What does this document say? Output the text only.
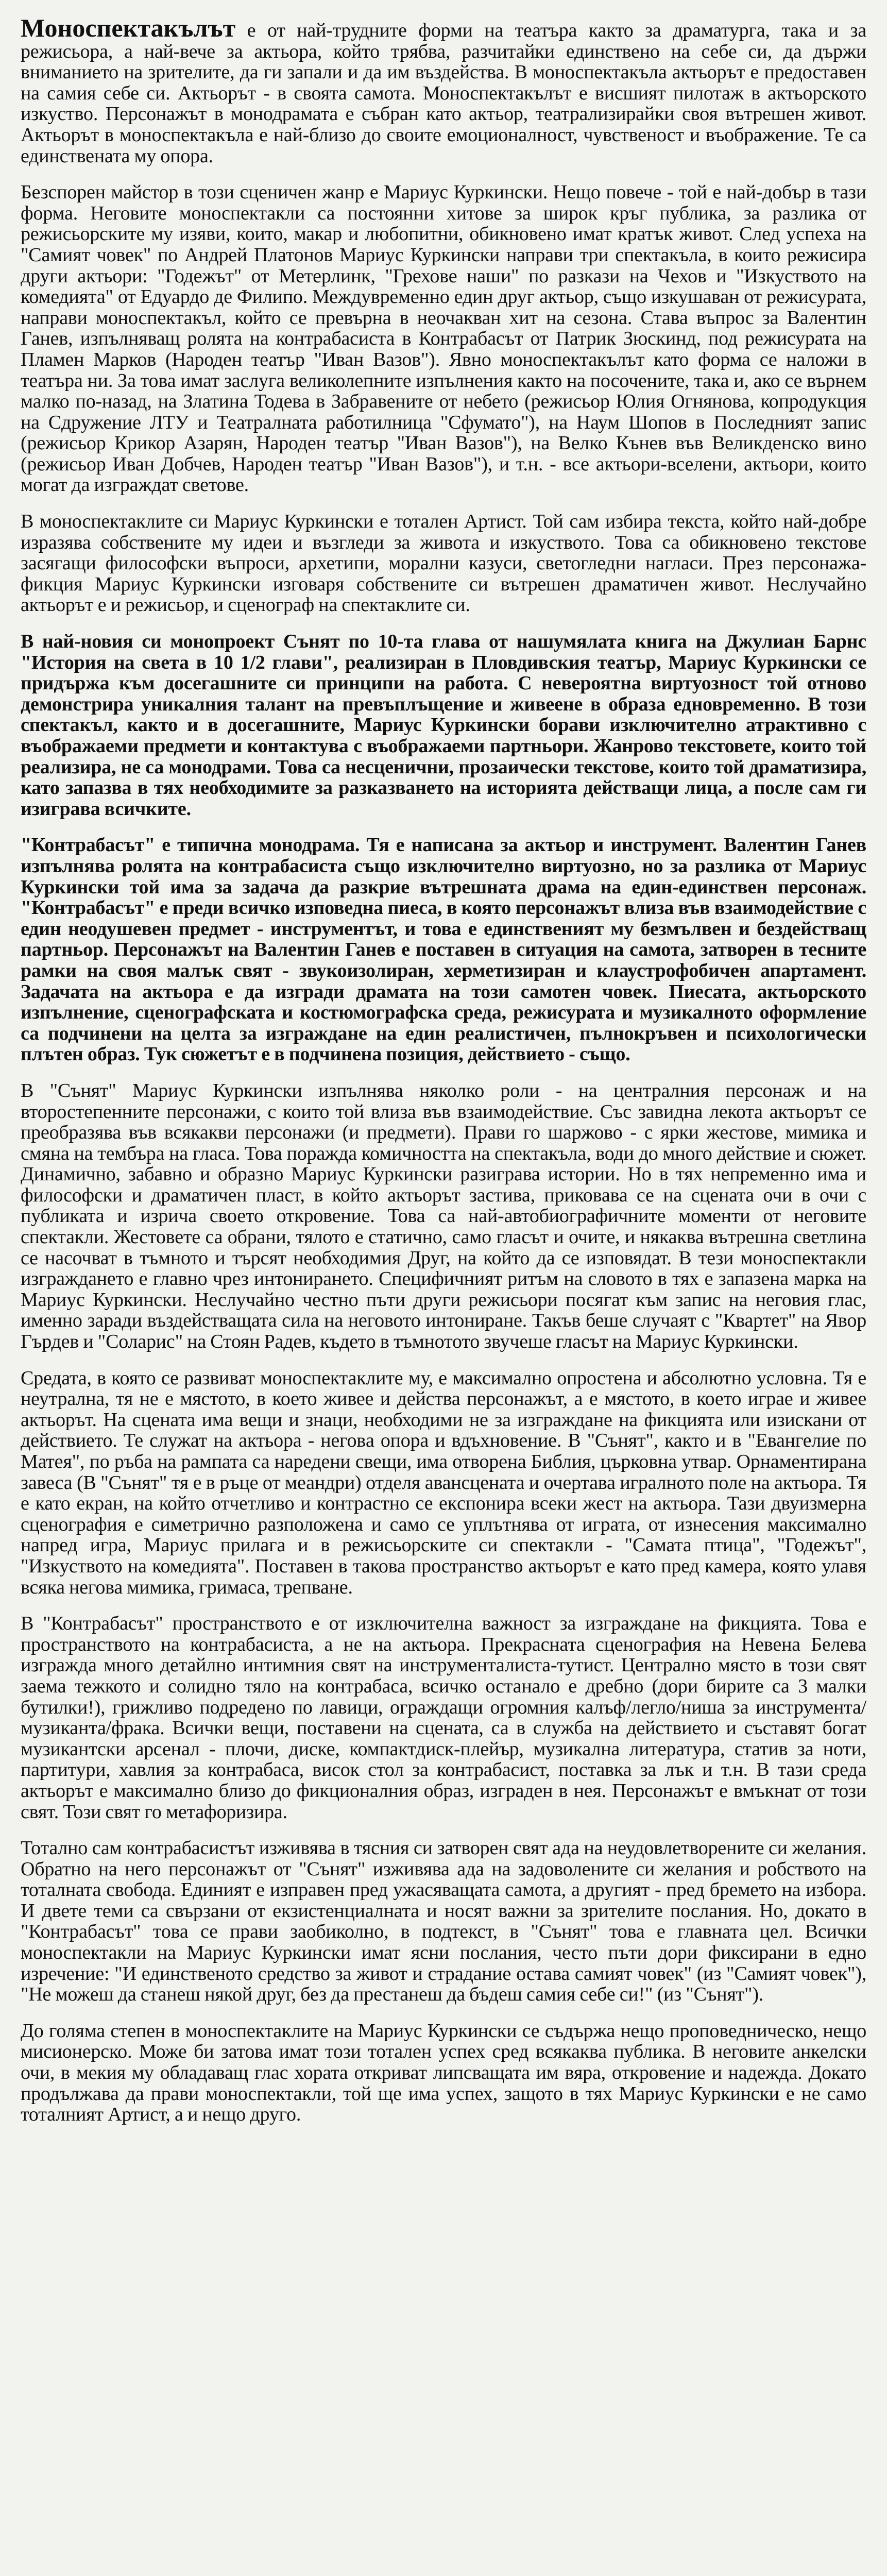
Моноспектакълът е от най-трудните форми на театъра както за драматурга, така и за режисьора, а най-вече за актьора, който трябва, разчитайки единствено на себе си, да държи вниманието на зрителите, да ги запали и да им въздейства. В моноспектакъла актьорът е предоставен на самия себе си. Актьорът - в своята самота. Моноспектакълът е висшият пилотаж в актьорското изкуство. Персонажът в монодрамата е събран като актьор, театрализирайки своя вътрешен живот. Актьорът в моноспектакъла е най-близо до своите емоционалност, чувственост и въображение. Те са единствената му опора.

Безспорен майстор в този сценичен жанр е Мариус Куркински. Нещо повече - той е най-добър в тази форма. Неговите моноспектакли са постоянни хитове за широк кръг публика, за разлика от режисьорските му изяви, които, макар и любопитни, обикновено имат кратък живот. След успеха на "Самият човек" по Андрей Платонов Мариус Куркински направи три спектакъла, в които режисира други актьори: "Годежът" от Метерлинк, "Грехове наши" по разкази на Чехов и "Изкуството на комедията" от Едуардо де Филипо. Междувременно един друг актьор, също изкушаван от режисурата, направи моноспектакъл, който се превърна в неочакван хит на сезона. Става въпрос за Валентин Ганев, изпълняващ ролята на контрабасиста в Контрабасът от Патрик Зюскинд, под режисурата на Пламен Марков (Народен театър "Иван Вазов"). Явно моноспектакълът като форма се наложи в театъра ни. За това имат заслуга великолепните изпълнения както на посочените, така и, ако се върнем малко по-назад, на Златина Тодева в Забравените от небето (режисьор Юлия Огнянова, копродукция на Сдружение ЛТУ и Театралната работилница "Сфумато"), на Наум Шопов в Последният запис (режисьор Крикор Азарян, Народен театър "Иван Вазов"), на Велко Кънев във Великденско вино (режисьор Иван Добчев, Народен театър "Иван Вазов"), и т.н. - все актьори-вселени, актьори, които могат да изграждат светове.

В моноспектаклите си Мариус Куркински е тотален Артист. Той сам избира текста, който най-добре изразява собствените му идеи и възгледи за живота и изкуството. Това са обикновено текстове засягащи философски въпроси, архетипи, морални казуси, светогледни нагласи. През персонажа-фикция Мариус Куркински изговаря собствените си вътрешен драматичен живот. Неслучайно актьорът е и режисьор, и сценограф на спектаклите си.

В най-новия си монопроект Сънят по 10-та глава от нашумялата книга на Джулиан Барнс "История на света в 10 1/2 глави", реализиран в Пловдивския театър, Мариус Куркински се придържа към досегашните си принципи на работа. С невероятна виртуозност той отново демонстрира уникалния талант на превъплъщение и живеене в образа едновременно. В този спектакъл, както и в досегашните, Мариус Куркински борави изключително атрактивно с въображаеми предмети и контактува с въображаеми партньори. Жанрово текстовете, които той реализира, не са монодрами. Това са несценични, прозаически текстове, които той драматизира, като запазва в тях необходимите за разказването на историята действащи лица, а после сам ги изиграва всичките.

"Контрабасът" е типична монодрама. Тя е написана за актьор и инструмент. Валентин Ганев изпълнява ролята на контрабасиста също изключително виртуозно, но за разлика от Мариус Куркински той има за задача да разкрие вътрешната драма на един-единствен персонаж. "Контрабасът" е преди всичко изповедна пиеса, в която персонажът влиза във взаимодействие с един неодушевен предмет - инструментът, и това е единственият му безмълвен и бездействащ партньор. Персонажът на Валентин Ганев е поставен в ситуация на самота, затворен в тесните рамки на своя малък свят - звукоизолиран, херметизиран и клаустрофобичен апартамент. Задачата на актьора е да изгради драмата на този самотен човек. Пиесата, актьорското изпълнение, сценографската и костюмографска среда, режисурата и музикалното оформление са подчинени на целта за изграждане на един реалистичен, пълнокръвен и психологически плътен образ. Тук сюжетът е в подчинена позиция, действието - също.

В "Сънят" Мариус Куркински изпълнява няколко роли - на централния персонаж и на второстепенните персонажи, с които той влиза във взаимодействие. Със завидна лекота актьорът се преобразява във всякакви персонажи (и предмети). Прави го шаржово - с ярки жестове, мимика и смяна на тембъра на гласа. Това поражда комичността на спектакъла, води до много действие и сюжет. Динамично, забавно и образно Мариус Куркински разиграва истории. Но в тях непременно има и философски и драматичен пласт, в който актьорът застива, приковава се на сценатa очи в очи с публиката и изрича своето откровение. Това са най-автобиографичните моменти от неговите спектакли. Жестовете са обрани, тялото е статично, само гласът и очите, и някаква вътрешна светлина се насочват в тъмното и търсят необходимия Друг, на който да се изповядат. В тези моноспектакли изграждането е главно чрез интонирането. Специфичният ритъм на словото в тях е запазена марка на Мариус Куркински. Неслучайно честно пъти други режисьори посягат към запис на неговия глас, именно заради въздействащата сила на неговото интониране. Такъв беше случаят с "Квартет" на Явор Гърдев и "Соларис" на Стоян Радев, където в тъмнотото звучеше гласът на Мариус Куркински.

Средата, в която се развиват моноспектаклите му, е максимално опростена и абсолютно условна. Тя е неутрална, тя не е мястото, в което живее и действа персонажът, а е мястото, в което играе и живее актьорът. На сценатa има вещи и знаци, необходими не за изграждане на фикцията или изискани от действието. Те служат на актьора - неговa опора и вдъхновение. В "Сънят", както и в "Евангелие по Матея", по ръба на рампата са наредени свещи, има отворена Библия, църковна утвар. Орнаментирана завеса (В "Сънят" тя е в ръце от меандри) отделя авансцената и очертава игралното поле на актьора. Тя е като екран, на който отчетливо и контрастно се екcпонира всеки жест на актьора. Тази двуизмерна сценография е симетрично разположена и само се уплътнява от играта, от изнесения максимално напред игра, Мариус прилага и в режисьорските си спектакли - "Самата птица", "Годежът", "Изкуството на комедията". Поставен в такова пространство актьорът е като пред камера, която улавя всяка негова мимика, гримаса, трепване.

В "Контрабасът" пространството е от изключителна важност за изграждане на фикцията. Това е пространството на контрабасиста, а не на актьора. Прекрасната сценография на Невена Белева изгражда много детайлно интимния свят на инструменталиста-тутист. Централно място в този свят заема тежкото и солидно тяло на контрабаса, всичко останало е дребно (дори бирите са 3 малки бутилки!), грижливо подредено по лавици, ограждащи огромния калъф/легло/ниша за инструмента/музиканта/фрака. Всички вещи, поставени на сценатa, са в служба на действието и съставят богат музикантски арсенал - плочи, диске, компактдиск-плейър, музикална литература, статив за ноти, партитури, хавлия за контрабаса, висок стол за контрабасист, поставка за лък и т.н. В тази среда актьорът е максимално близо до фикционалния образ, изграден в нея. Персонажът е вмъкнат от този свят. Този свят го метафоризира.

Тотално сам контрабасистът изживява в тясния си затворен свят ада на неудовлетворените си желания. Обратно на него персонажът от "Сънят" изживява ада на задоволените си желания и робството на тоталната свобода. Единият е изправен пред ужасяващата самота, а другият - пред бремето на избора. И двете теми са свързани от екзистенциалната и носят важни за зрителите послания. Но, докато в "Контрабасът" това се прави заобиколно, в подтекст, в "Сънят" това е главната цел. Всички моноспектакли на Мариус Куркински имат ясни послания, често пъти дори фиксирани в едно изречение: "И единственото средство за живот и страдание остава самият човек" (из "Самият човек"), "Не можеш да станеш някой друг, без да престанеш да бъдеш самия себе си!" (из "Сънят").

До голяма степен в моноспектаклите на Мариус Куркински се съдържа нещо проповедническо, нещо мисионерско. Може би затова имат този тотален успех сред всякаква публика. В неговите анкелски очи, в мекия му обладаващ глас хората откриват липсващата им вяра, откровение и надежда. Докато продължава да прави моноспектакли, той ще има успех, защото в тях Мариус Куркински е не само тоталният Артист, а и нещо друго.
